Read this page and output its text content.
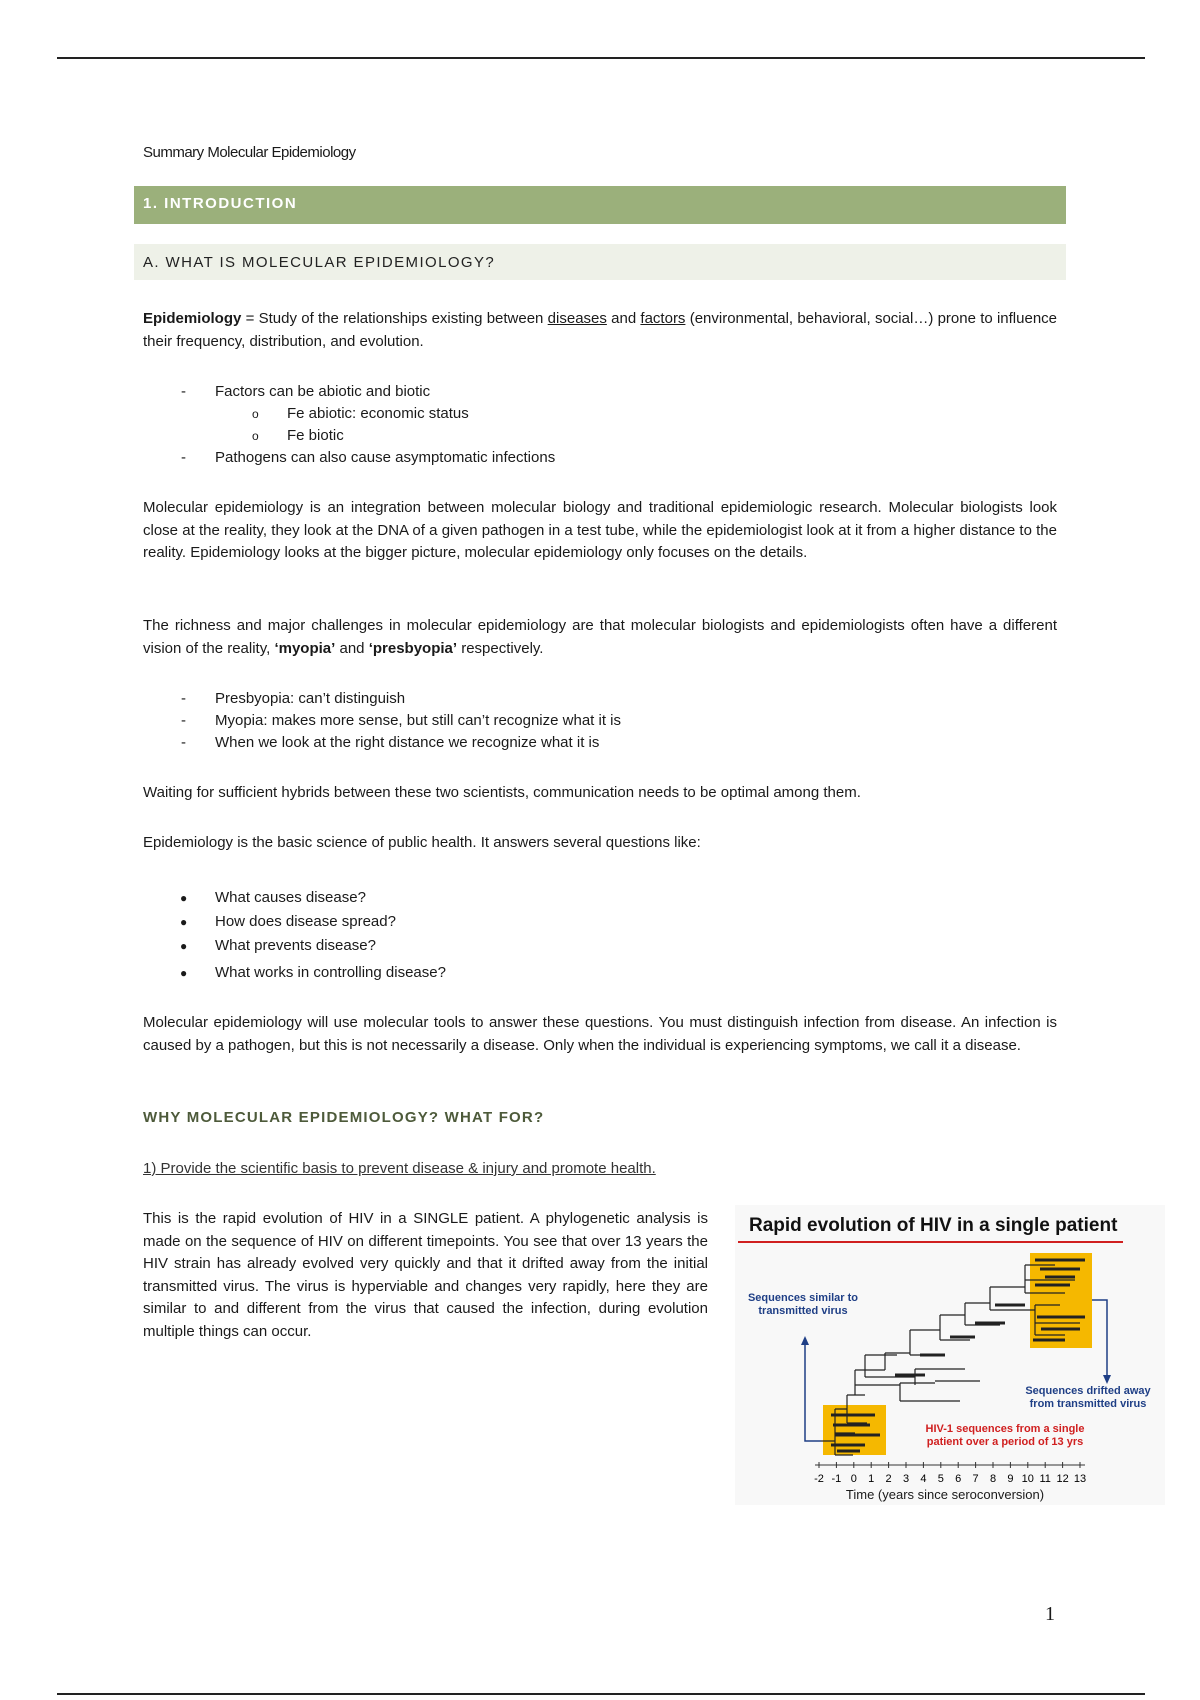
Summary Molecular Epidemiology
1. INTRODUCTION
A. WHAT IS MOLECULAR EPIDEMIOLOGY?
Epidemiology = Study of the relationships existing between diseases and factors (environmental, behavioral, social…) prone to influence their frequency, distribution, and evolution.
- Factors can be abiotic and biotic
o Fe abiotic: economic status
o Fe biotic
- Pathogens can also cause asymptomatic infections
Molecular epidemiology is an integration between molecular biology and traditional epidemiologic research. Molecular biologists look close at the reality, they look at the DNA of a given pathogen in a test tube, while the epidemiologist look at it from a higher distance to the reality. Epidemiology looks at the bigger picture, molecular epidemiology only focuses on the details.
The richness and major challenges in molecular epidemiology are that molecular biologists and epidemiologists often have a different vision of the reality, ‘myopia’ and ‘presbyopia’ respectively.
- Presbyopia: can’t distinguish
- Myopia: makes more sense, but still can’t recognize what it is
- When we look at the right distance we recognize what it is
Waiting for sufficient hybrids between these two scientists, communication needs to be optimal among them.
Epidemiology is the basic science of public health. It answers several questions like:
● What causes disease?
● How does disease spread?
● What prevents disease?
● What works in controlling disease?
Molecular epidemiology will use molecular tools to answer these questions. You must distinguish infection from disease. An infection is caused by a pathogen, but this is not necessarily a disease. Only when the individual is experiencing symptoms, we call it a disease.
WHY MOLECULAR EPIDEMIOLOGY? WHAT FOR?
1) Provide the scientific basis to prevent disease & injury and promote health.
This is the rapid evolution of HIV in a SINGLE patient. A phylogenetic analysis is made on the sequence of HIV on different timepoints. You see that over 13 years the HIV strain has already evolved very quickly and that it drifted away from the initial transmitted virus. The virus is hyperviable and changes very rapidly, here they are similar to and different from the virus that caused the infection, during evolution multiple things can occur.
Rapid evolution of HIV in a single patient
-2 -1 0 1 2 3 4 5 6 7 8 9 10 11 12 13
Sequences similar to
transmitted virus
Sequences drifted away
from transmitted virus
HIV-1 sequences from a single
patient over a period of 13 yrs
Time (years since seroconversion)
1
